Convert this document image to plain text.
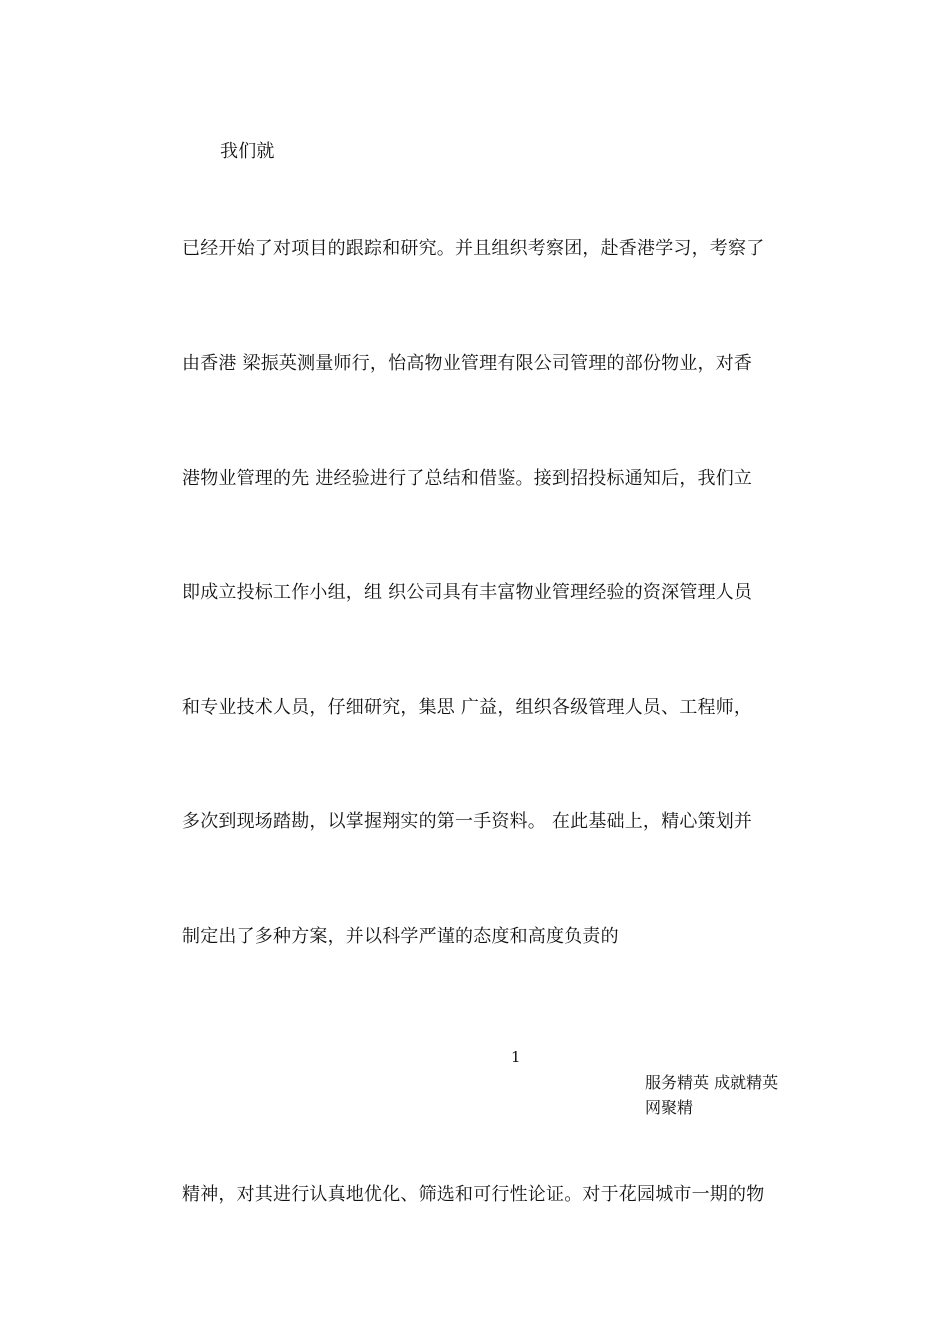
我们就
已经开始了对项目的跟踪和研究。并且组织考察团，赴香港学习，考察了
由香港 梁振英测量师行，怡高物业管理有限公司管理的部份物业，对香
港物业管理的先 进经验进行了总结和借鉴。接到招投标通知后，我们立
即成立投标工作小组，组 织公司具有丰富物业管理经验的资深管理人员
和专业技术人员，仔细研究，集思 广益，组织各级管理人员、工程师，
多次到现场踏勘，以掌握翔实的第一手资料。 在此基础上，精心策划并
制定出了多种方案，并以科学严谨的态度和高度负责的
1
服务精英 成就精英
网聚精
精神，对其进行认真地优化、筛选和可行性论证。对于花园城市一期的物
